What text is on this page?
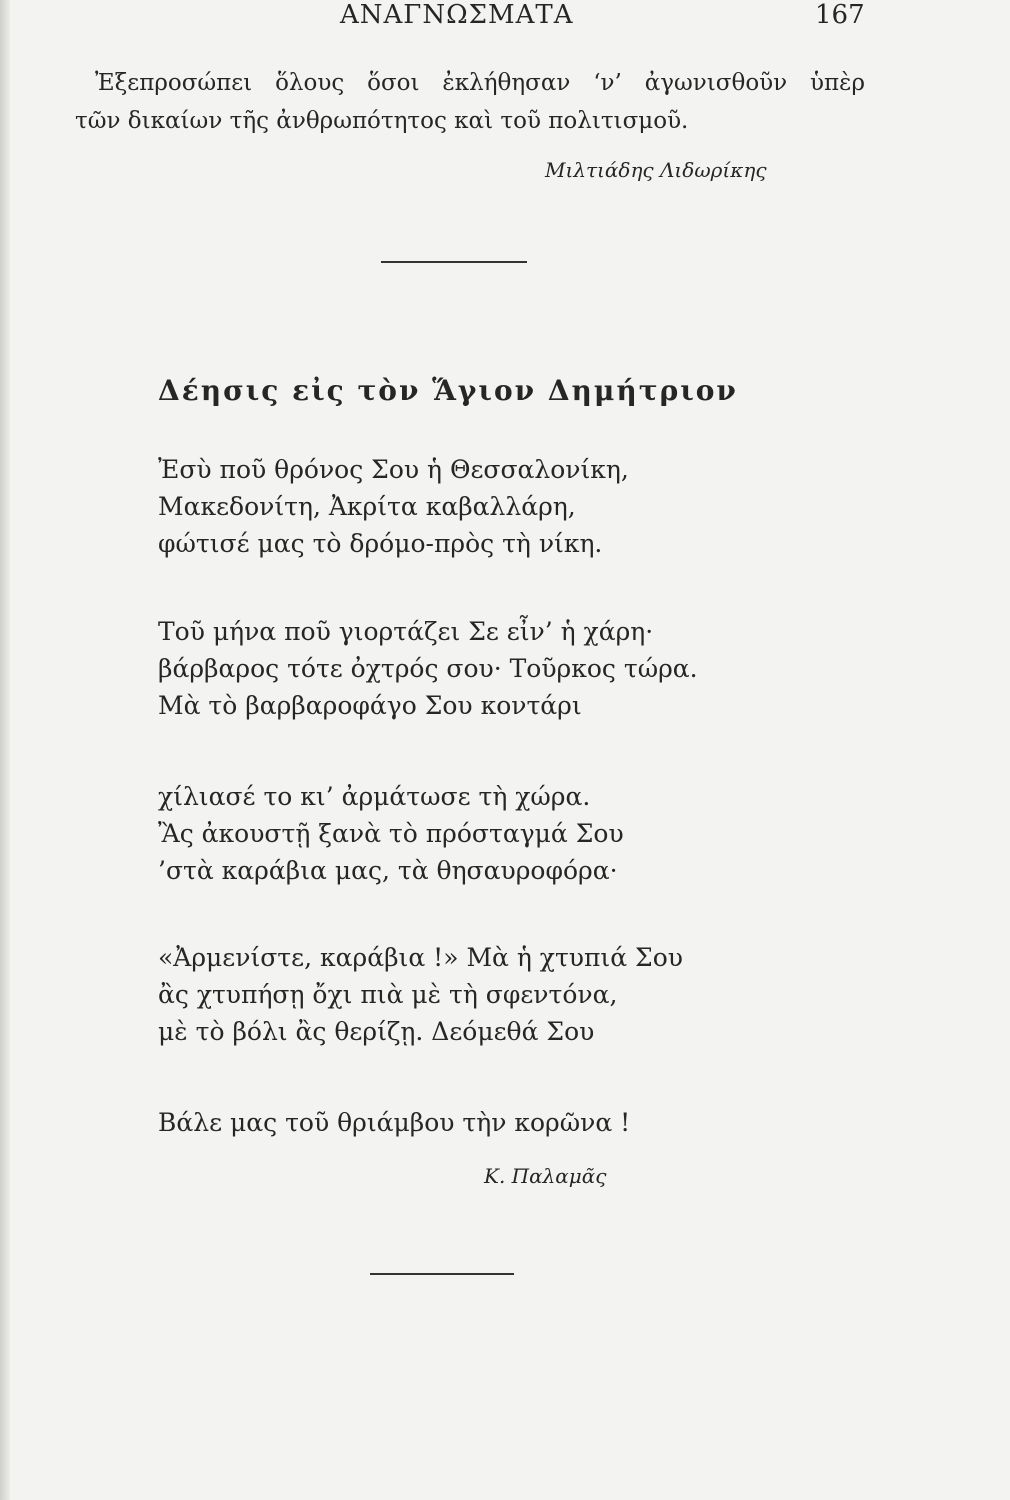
ΑΝΑΓΝΩΣΜΑΤΑ	167
Ἐξεπροσώπει ὅλους ὅσοι ἐκλήθησαν ‘ν’ ἀγωνισθοῦν ὑπὲρ
τῶν δικαίων τῆς ἀνθρωπότητος καὶ τοῦ πολιτισμοῦ.
Μιλτιάδης Λιδωρίκης
Δέησις εἰς τὸν Ἅγιον Δημήτριον
Ἐσὺ ποῦ θρόνος Σου ἡ Θεσσαλονίκη,
Μακεδονίτη, Ἀκρίτα καβαλλάρη,
φώτισέ μας τὸ δρόμο-πρὸς τὴ νίκη.
Τοῦ μήνα ποῦ γιορτάζει Σε εἶν’ ἡ χάρη·
βάρβαρος τότε ὀχτρός σου· Τοῦρκος τώρα.
Μὰ τὸ βαρβαροφάγο Σου κοντάρι
χίλιασέ το κι’ ἀρμάτωσε τὴ χώρα.
Ἂς ἀκουστῇ ξανὰ τὸ πρόσταγμά Σου
’στὰ καράβια μας, τὰ θησαυροφόρα·
«Ἀρμενίστε, καράβια !» Μὰ ἡ χτυπιά Σου
ἂς χτυπήσῃ ὄχι πιὰ μὲ τὴ σφεντόνα,
μὲ τὸ βόλι ἂς θερίζῃ. Δεόμεθά Σου
Βάλε μας τοῦ θριάμβου τὴν κορῶνα !
Κ. Παλαμᾶς
